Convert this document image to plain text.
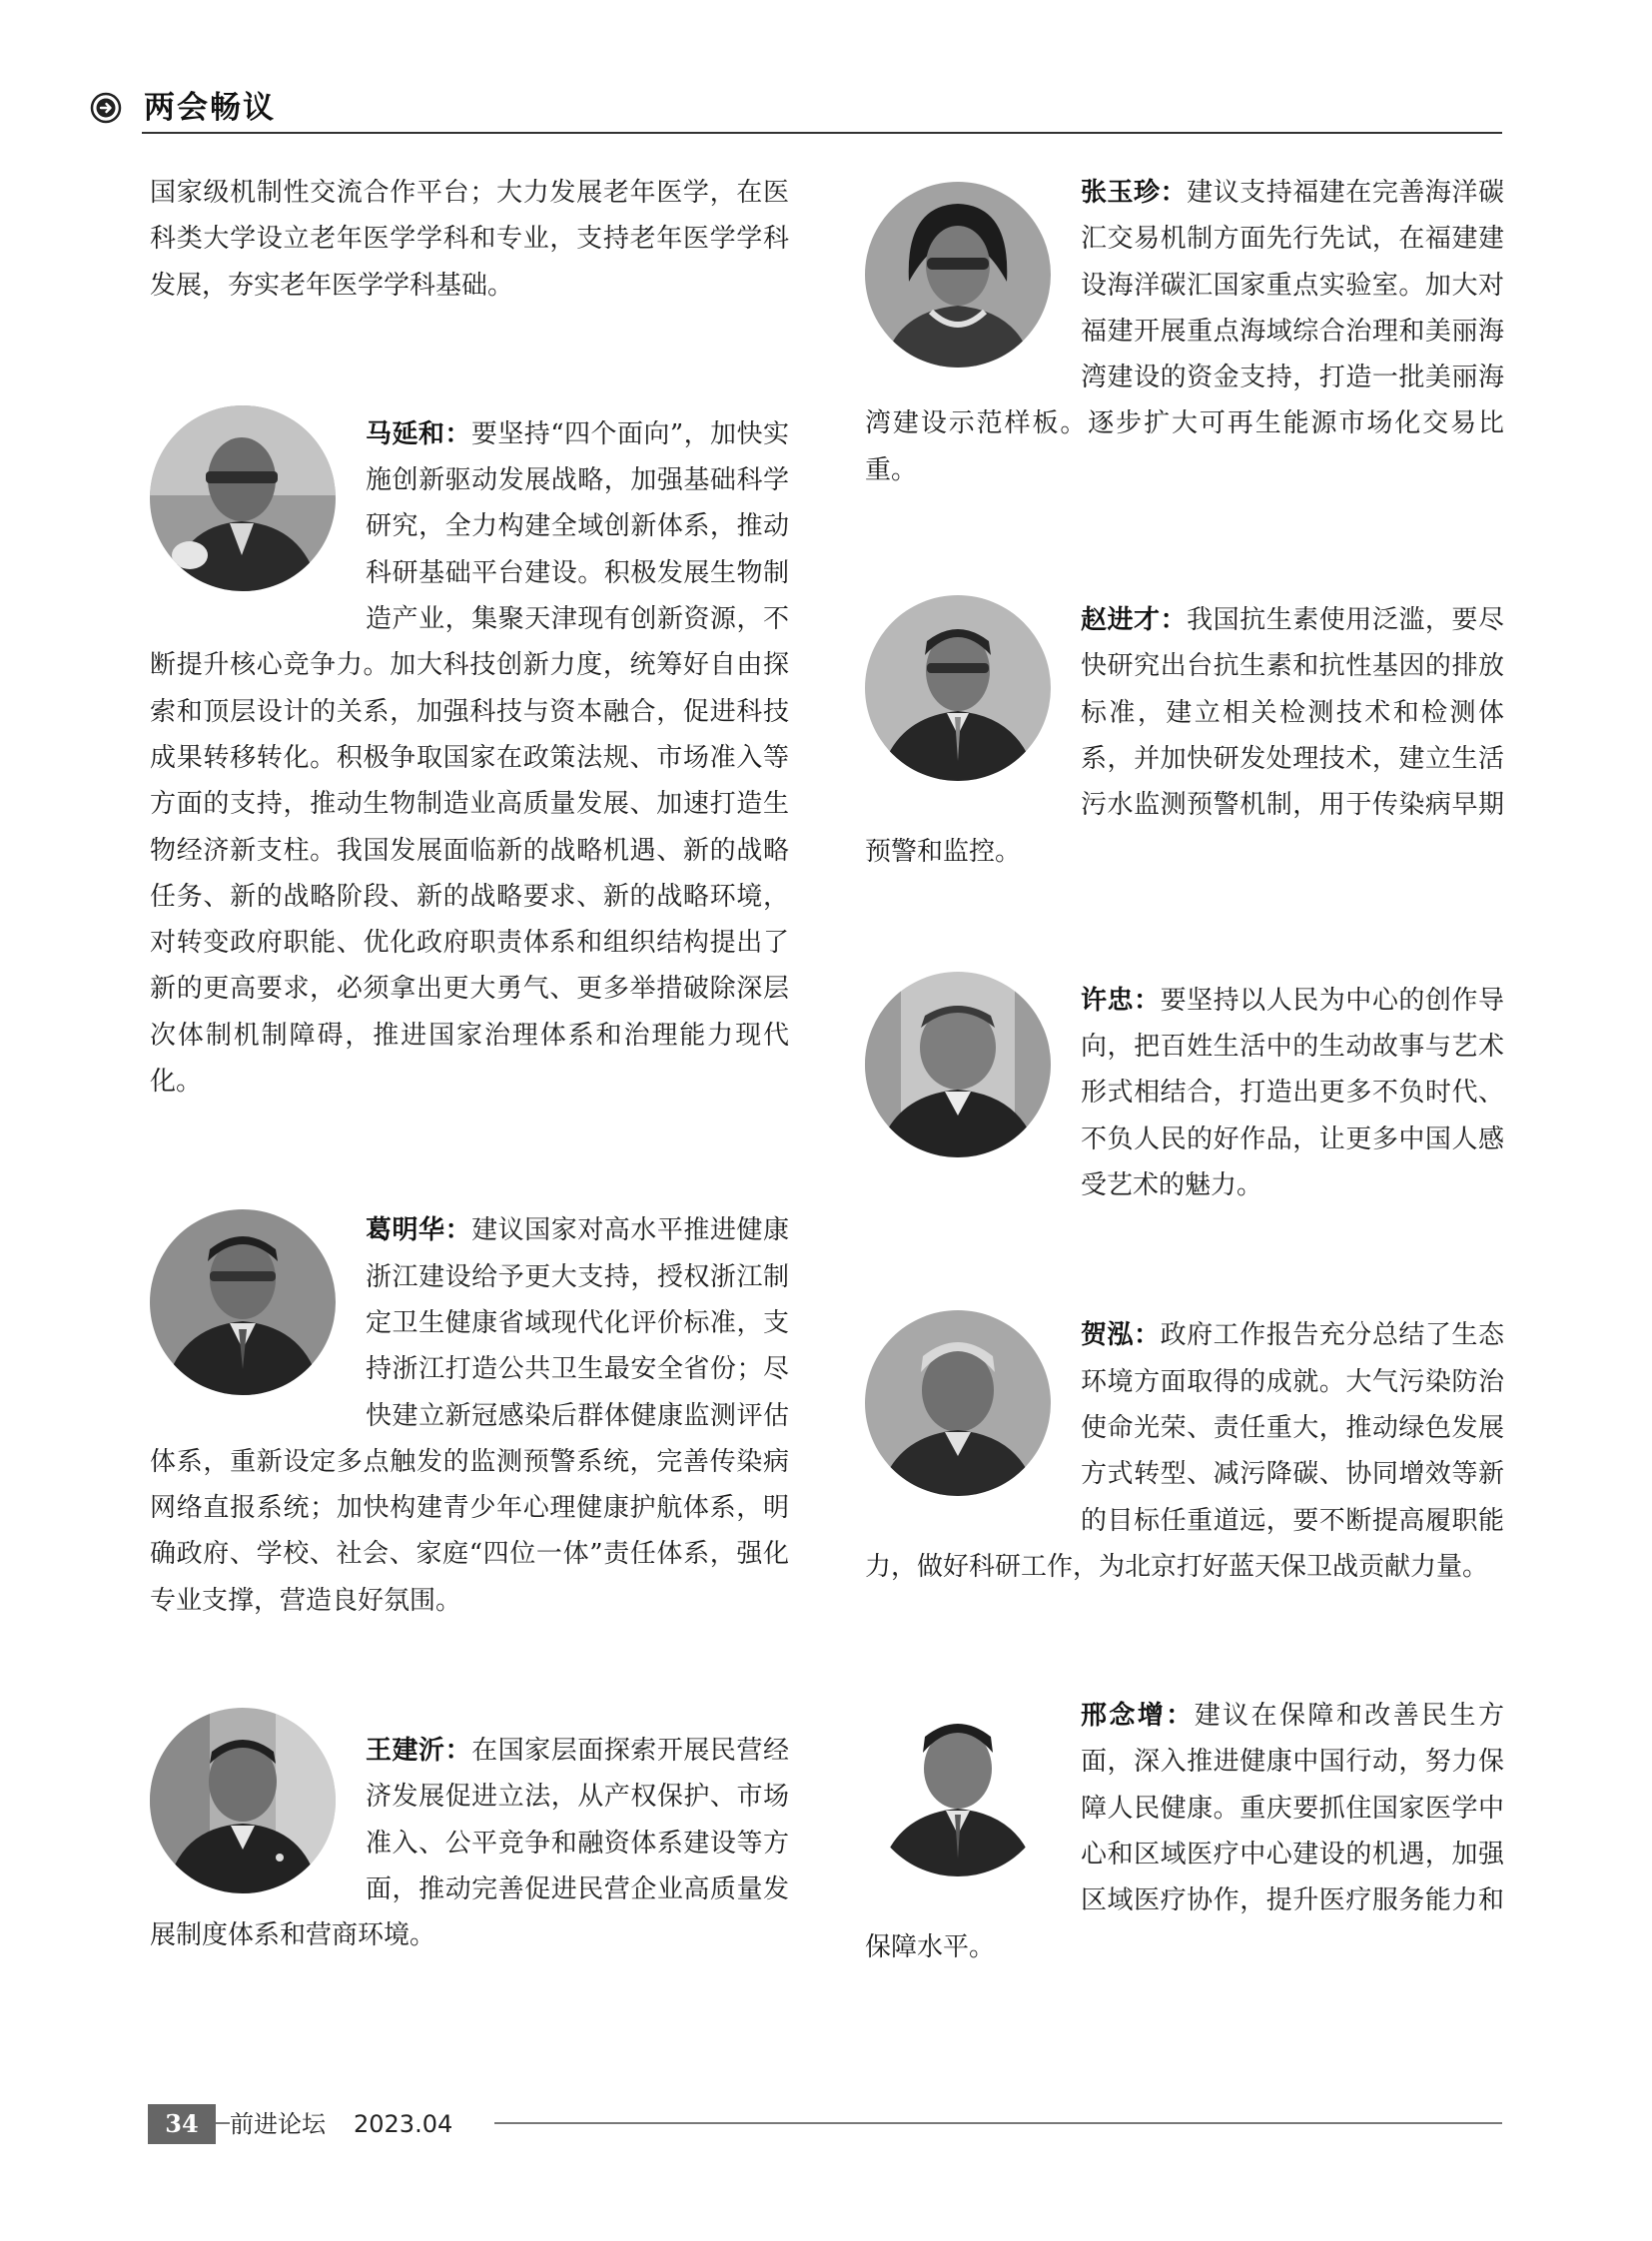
两会畅议

国家级机制性交流合作平台；大力发展老年医学，在医科类大学设立老年医学学科和专业，支持老年医学学科发展，夯实老年医学学科基础。

马延和：要坚持“四个面向”，加快实施创新驱动发展战略，加强基础科学研究，全力构建全域创新体系，推动科研基础平台建设。积极发展生物制造产业，集聚天津现有创新资源，不断提升核心竞争力。加大科技创新力度，统筹好自由探索和顶层设计的关系，加强科技与资本融合，促进科技成果转移转化。积极争取国家在政策法规、市场准入等方面的支持，推动生物制造业高质量发展、加速打造生物经济新支柱。我国发展面临新的战略机遇、新的战略任务、新的战略阶段、新的战略要求、新的战略环境，对转变政府职能、优化政府职责体系和组织结构提出了新的更高要求，必须拿出更大勇气、更多举措破除深层次体制机制障碍，推进国家治理体系和治理能力现代化。

葛明华：建议国家对高水平推进健康浙江建设给予更大支持，授权浙江制定卫生健康省域现代化评价标准，支持浙江打造公共卫生最安全省份；尽快建立新冠感染后群体健康监测评估体系，重新设定多点触发的监测预警系统，完善传染病网络直报系统；加快构建青少年心理健康护航体系，明确政府、学校、社会、家庭“四位一体”责任体系，强化专业支撑，营造良好氛围。

王建沂：在国家层面探索开展民营经济发展促进立法，从产权保护、市场准入、公平竞争和融资体系建设等方面，推动完善促进民营企业高质量发展制度体系和营商环境。

张玉珍：建议支持福建在完善海洋碳汇交易机制方面先行先试，在福建建设海洋碳汇国家重点实验室。加大对福建开展重点海域综合治理和美丽海湾建设的资金支持，打造一批美丽海湾建设示范样板。逐步扩大可再生能源市场化交易比重。

赵进才：我国抗生素使用泛滥，要尽快研究出台抗生素和抗性基因的排放标准，建立相关检测技术和检测体系，并加快研发处理技术，建立生活污水监测预警机制，用于传染病早期预警和监控。

许忠：要坚持以人民为中心的创作导向，把百姓生活中的生动故事与艺术形式相结合，打造出更多不负时代、不负人民的好作品，让更多中国人感受艺术的魅力。

贺泓：政府工作报告充分总结了生态环境方面取得的成就。大气污染防治使命光荣、责任重大，推动绿色发展方式转型、减污降碳、协同增效等新的目标任重道远，要不断提高履职能力，做好科研工作，为北京打好蓝天保卫战贡献力量。

邢念增：建议在保障和改善民生方面，深入推进健康中国行动，努力保障人民健康。重庆要抓住国家医学中心和区域医疗中心建设的机遇，加强区域医疗协作，提升医疗服务能力和保障水平。

34	前进论坛 2023.04
